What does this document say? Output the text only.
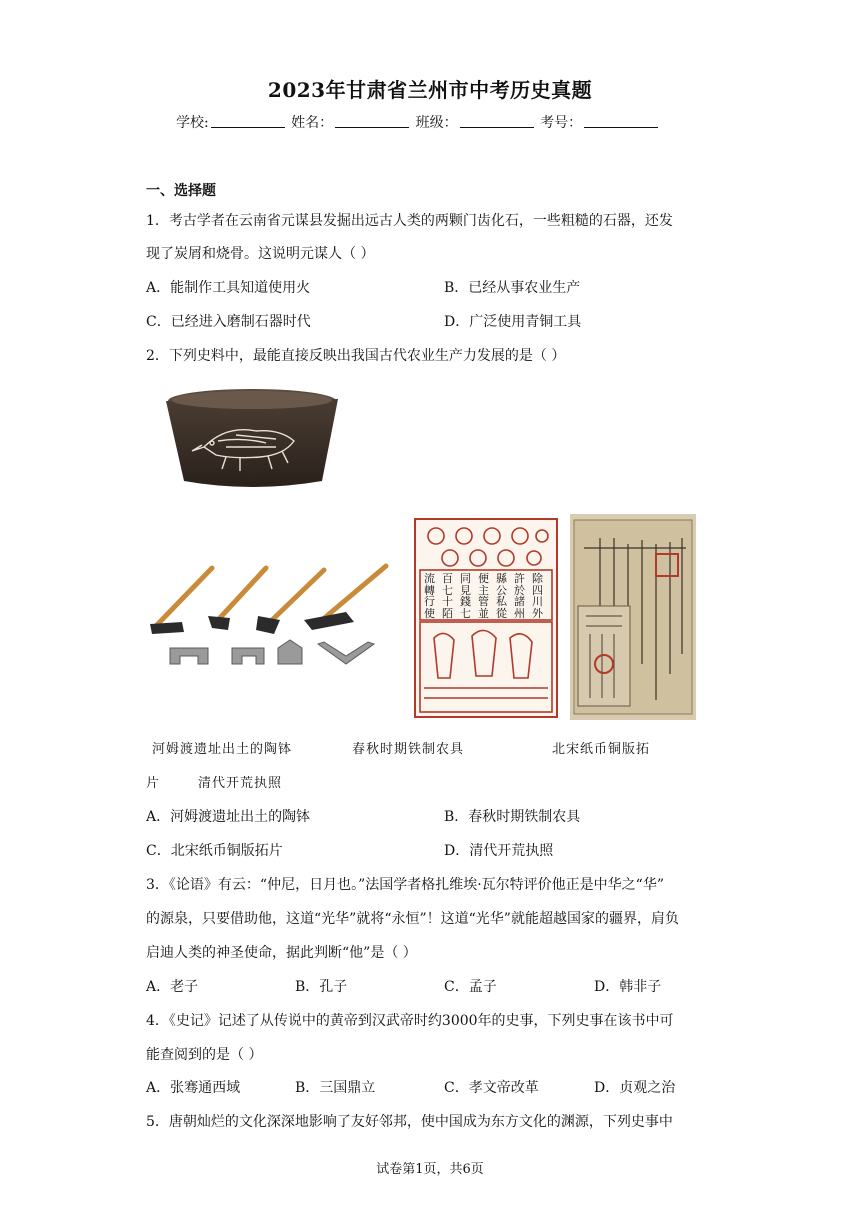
2023年甘肃省兰州市中考历史真题
学校:	姓名：	班级：	考号：
一、选择题
1．考古学者在云南省元谋县发掘出远古人类的两颗门齿化石，一些粗糙的石器，还发
现了炭屑和烧骨。这说明元谋人（ ）
A．能制作工具知道使用火	B．已经从事农业生产
C．已经进入磨制石器时代	D．广泛使用青铜工具
2．下列史料中，最能直接反映出我国古代农业生产力发展的是（ ）
除
四
川
外
許
於
諸
州
縣
公
私
從
便
主
管
並
同
見
錢
七
百
七
十
陌
流
轉
行
使
河姆渡遗址出土的陶钵	春秋时期铁制农具	北宋纸币铜版拓
片	清代开荒执照
A．河姆渡遗址出土的陶钵	B．春秋时期铁制农具
C．北宋纸币铜版拓片	D．清代开荒执照
3．《论语》有云：“仲尼，日月也。”法国学者格扎维埃·瓦尔特评价他正是中华之“华”
的源泉，只要借助他，这道“光华”就将“永恒”！这道“光华”就能超越国家的疆界，肩负
启迪人类的神圣使命，据此判断“他”是（ ）
A．老子	B．孔子	C．孟子	D．韩非子
4．《史记》记述了从传说中的黄帝到汉武帝时约3000年的史事，下列史事在该书中可
能查阅到的是（ ）
A．张骞通西域	B．三国鼎立	C．孝文帝改革	D．贞观之治
5．唐朝灿烂的文化深深地影响了友好邻邦，使中国成为东方文化的渊源，下列史事中
试卷第1页，共6页
